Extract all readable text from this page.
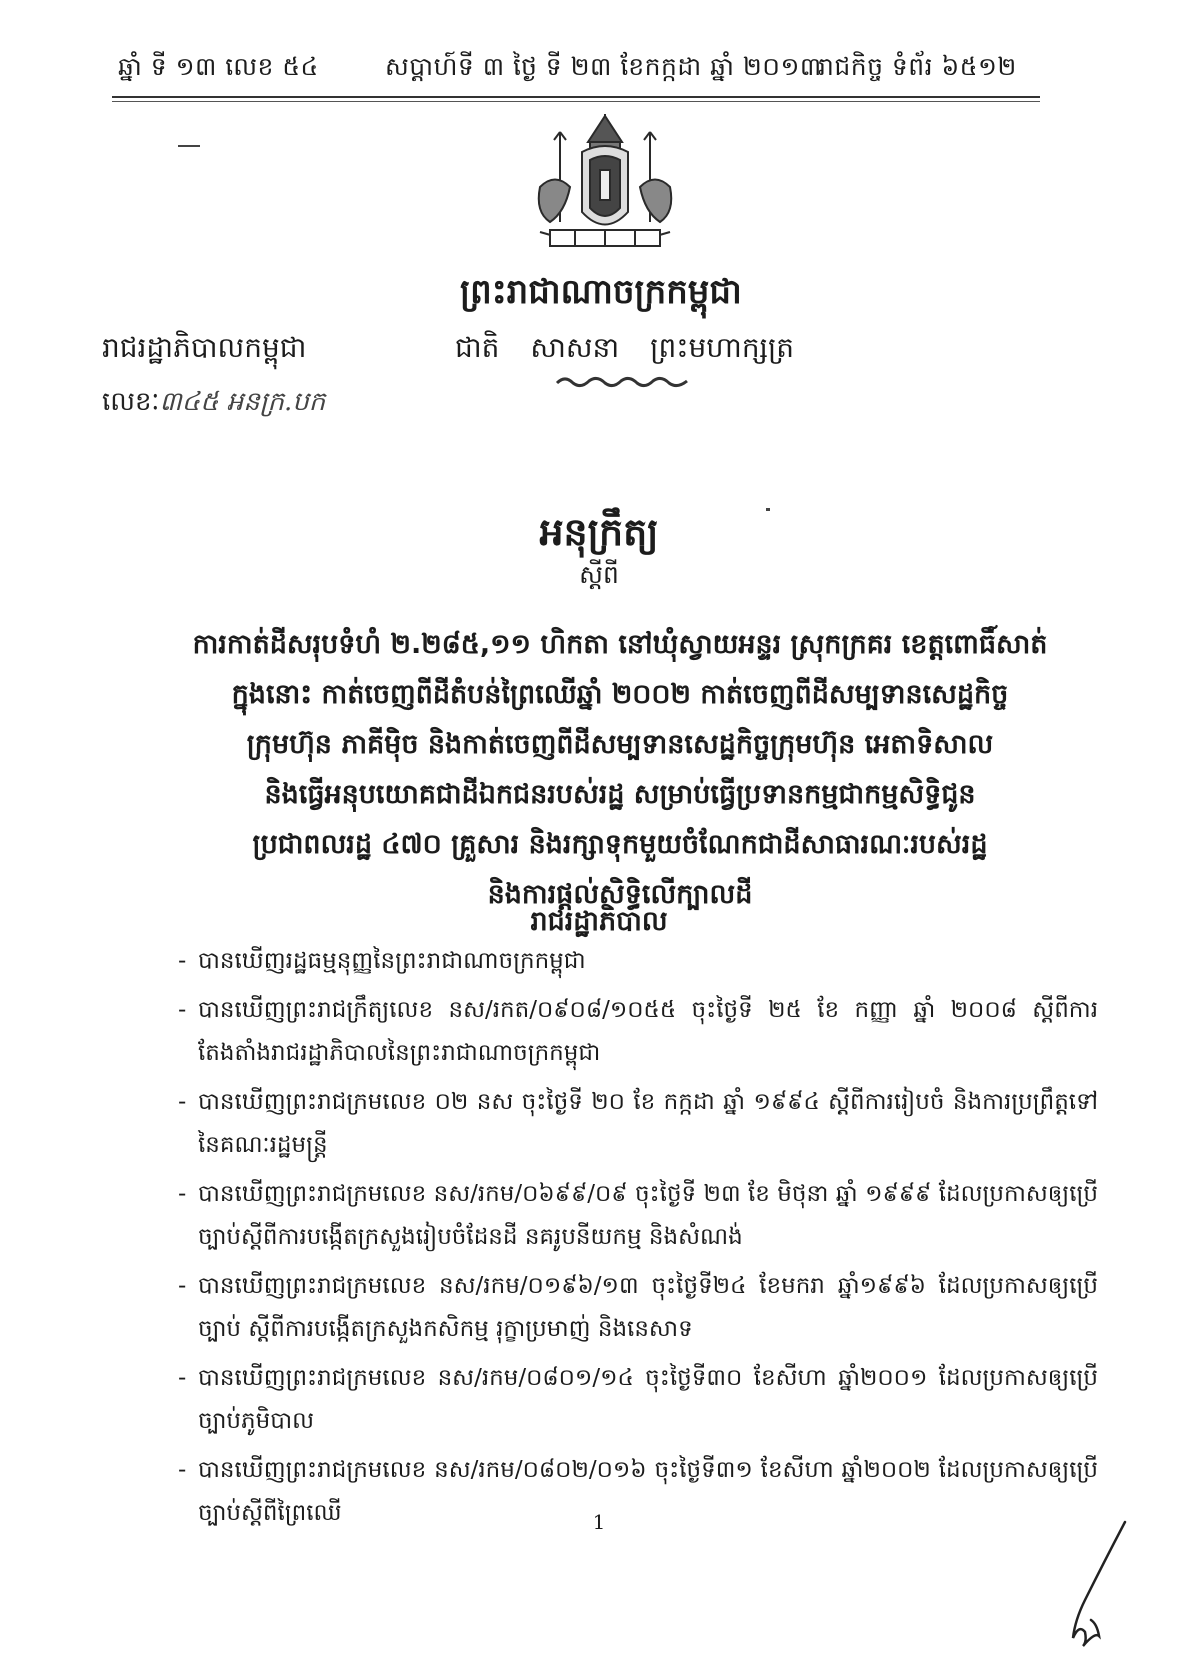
ឆ្នាំ ទី ១៣ លេខ ៥៤	សប្តាហ៍ទី ៣ ថ្ងៃ ទី ២៣ ខែកក្កដា ឆ្នាំ ២០១៣
រាជកិច្ច ទំព័រ ៦៥១២
ព្រះរាជាណាចក្រកម្ពុជា
រាជរដ្ឋាភិបាលកម្ពុជា	ជាតិ សាសនា ព្រះមហាក្សត្រ
លេខៈ៣៤៥ អនក្រ.បក
អនុក្រឹត្យ
ស្តីពី
ការកាត់ដីសរុបទំហំ ២.២៨៥,១១ ហិកតា នៅឃុំស្វាយអន្ទរ ស្រុកក្រគរ ខេត្តពោធិ៍សាត់
ក្នុងនោះ កាត់ចេញពីដីតំបន់ព្រៃឈើឆ្នាំ ២០០២ កាត់ចេញពីដីសម្បទានសេដ្ឋកិច្ច
ក្រុមហ៊ុន ភាគីម៉ិច និងកាត់ចេញពីដីសម្បទានសេដ្ឋកិច្ចក្រុមហ៊ុន អេតាទិសាល
និងធ្វើអនុបយោគជាដីឯកជនរបស់រដ្ឋ សម្រាប់ធ្វើប្រទានកម្មជាកម្មសិទ្ធិជូន
ប្រជាពលរដ្ឋ ៤៧០ គ្រួសារ និងរក្សាទុកមួយចំណែកជាដីសាធារណៈរបស់រដ្ឋ
និងការផ្តល់សិទ្ធិលើក្បាលដី
រាជរដ្ឋាភិបាល
- បានឃើញរដ្ឋធម្មនុញ្ញនៃព្រះរាជាណាចក្រកម្ពុជា
- បានឃើញព្រះរាជក្រឹត្យលេខ នស/រកត/០៩០៨/១០៥៥ ចុះថ្ងៃទី ២៥ ខែ កញ្ញា ឆ្នាំ ២០០៨ ស្តីពីការតែងតាំងរាជរដ្ឋាភិបាលនៃព្រះរាជាណាចក្រកម្ពុជា
- បានឃើញព្រះរាជក្រមលេខ ០២ នស ចុះថ្ងៃទី ២០ ខែ កក្កដា ឆ្នាំ ១៩៩៤ ស្តីពីការរៀបចំ និងការប្រព្រឹត្តទៅនៃគណៈរដ្ឋមន្ត្រី
- បានឃើញព្រះរាជក្រមលេខ នស/រកម/០៦៩៩/០៩ ចុះថ្ងៃទី ២៣ ខែ មិថុនា ឆ្នាំ ១៩៩៩ ដែលប្រកាសឲ្យប្រើច្បាប់ស្តីពីការបង្កើតក្រសួងរៀបចំដែនដី នគរូបនីយកម្ម និងសំណង់
- បានឃើញព្រះរាជក្រមលេខ នស/រកម/០១៩៦/១៣ ចុះថ្ងៃទី២៤ ខែមករា ឆ្នាំ១៩៩៦ ដែលប្រកាសឲ្យប្រើច្បាប់ ស្តីពីការបង្កើតក្រសួងកសិកម្ម រុក្ខាប្រមាញ់ និងនេសាទ
- បានឃើញព្រះរាជក្រមលេខ នស/រកម/០៨០១/១៤ ចុះថ្ងៃទី៣០ ខែសីហា ឆ្នាំ២០០១ ដែលប្រកាសឲ្យប្រើច្បាប់ភូមិបាល
- បានឃើញព្រះរាជក្រមលេខ នស/រកម/០៨០២/០១៦ ចុះថ្ងៃទី៣១ ខែសីហា ឆ្នាំ២០០២ ដែលប្រកាសឲ្យប្រើច្បាប់ស្តីពីព្រៃឈើ	1
